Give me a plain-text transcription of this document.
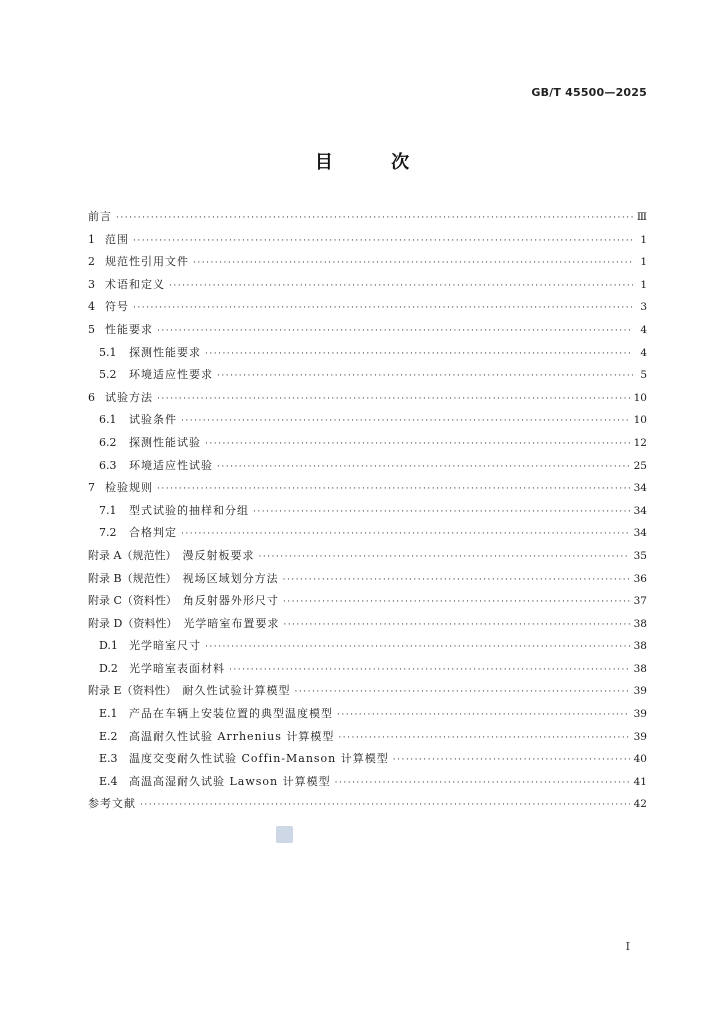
GB/T 45500—2025
目 次
前言 ·····	Ⅲ
1 范围 ·····	1
2 规范性引用文件 ·····	1
3 术语和定义 ·····	1
4 符号 ·····	3
5 性能要求 ·····	4
5.1	探测性能要求 ·····	4
5.2	环境适应性要求 ·····	5
6 试验方法 ·····	10
6.1	试验条件 ·····	10
6.2	探测性能试验 ·····	12
6.3	环境适应性试验 ·····	25
7 检验规则 ·····	34
7.1	型式试验的抽样和分组 ·····	34
7.2	合格判定 ·····	34
附录 A（规范性） 漫反射板要求 ·····	35
附录 B（规范性） 视场区域划分方法 ·····	36
附录 C（资料性） 角反射器外形尺寸 ·····	37
附录 D（资料性） 光学暗室布置要求 ·····	38
D.1	光学暗室尺寸 ·····	38
D.2	光学暗室表面材料 ·····	38
附录 E（资料性） 耐久性试验计算模型 ·····	39
E.1	产品在车辆上安装位置的典型温度模型 ·····	39
E.2	高温耐久性试验 Arrhenius 计算模型 ·····	39
E.3	温度交变耐久性试验 Coffin-Manson 计算模型 ·····	40
E.4	高温高湿耐久试验 Lawson 计算模型 ·····	41
参考文献 ·····	42
Ⅰ
